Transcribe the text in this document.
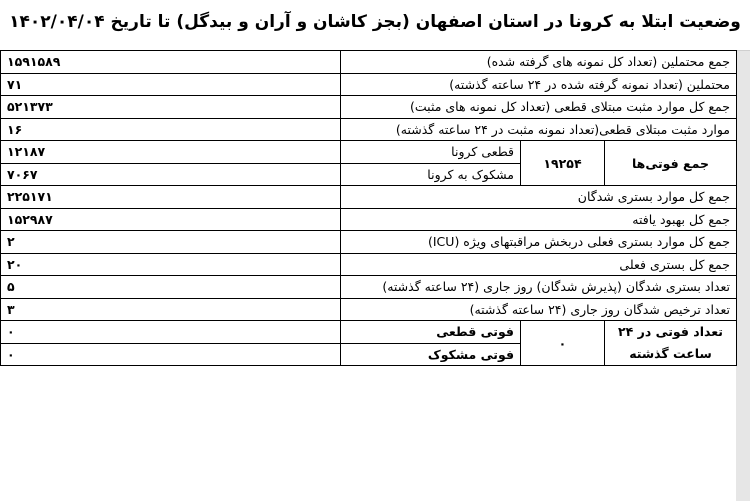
وضعیت ابتلا به کرونا در استان اصفهان (بجز کاشان و آران و بیدگل) تا تاریخ ۱۴۰۲/۰۴/۰۴
جمع محتملین (تعداد کل نمونه های گرفته شده)			۱۵۹۱۵۸۹
محتملین (تعداد نمونه گرفته شده در ۲۴ ساعته گذشته)			۷۱
جمع کل موارد مثبت مبتلای قطعی (تعداد کل نمونه های مثبت)			۵۲۱۳۷۳
موارد مثبت مبتلای قطعی(تعداد نمونه مثبت در ۲۴ ساعته گذشته)			۱۶
جمع فوتی‌ها	۱۹۲۵۴	قطعی کرونا	۱۲۱۸۷
		مشکوک به کرونا	۷۰۶۷
جمع کل موارد بستری شدگان			۲۲۵۱۷۱
جمع کل بهبود یافته			۱۵۲۹۸۷
جمع کل موارد بستری فعلی دربخش مراقبتهای ویژه (ICU)			۲
جمع کل بستری فعلی			۲۰
تعداد بستری شدگان (پذیرش شدگان) روز جاری (۲۴ ساعته گذشته)			۵
تعداد ترخیص شدگان روز جاری (۲۴ ساعته گذشته)			۳
تعداد فوتی در ۲۴ ساعت گذشته	۰	فوتی قطعی	۰
		فوتی مشکوک	۰
